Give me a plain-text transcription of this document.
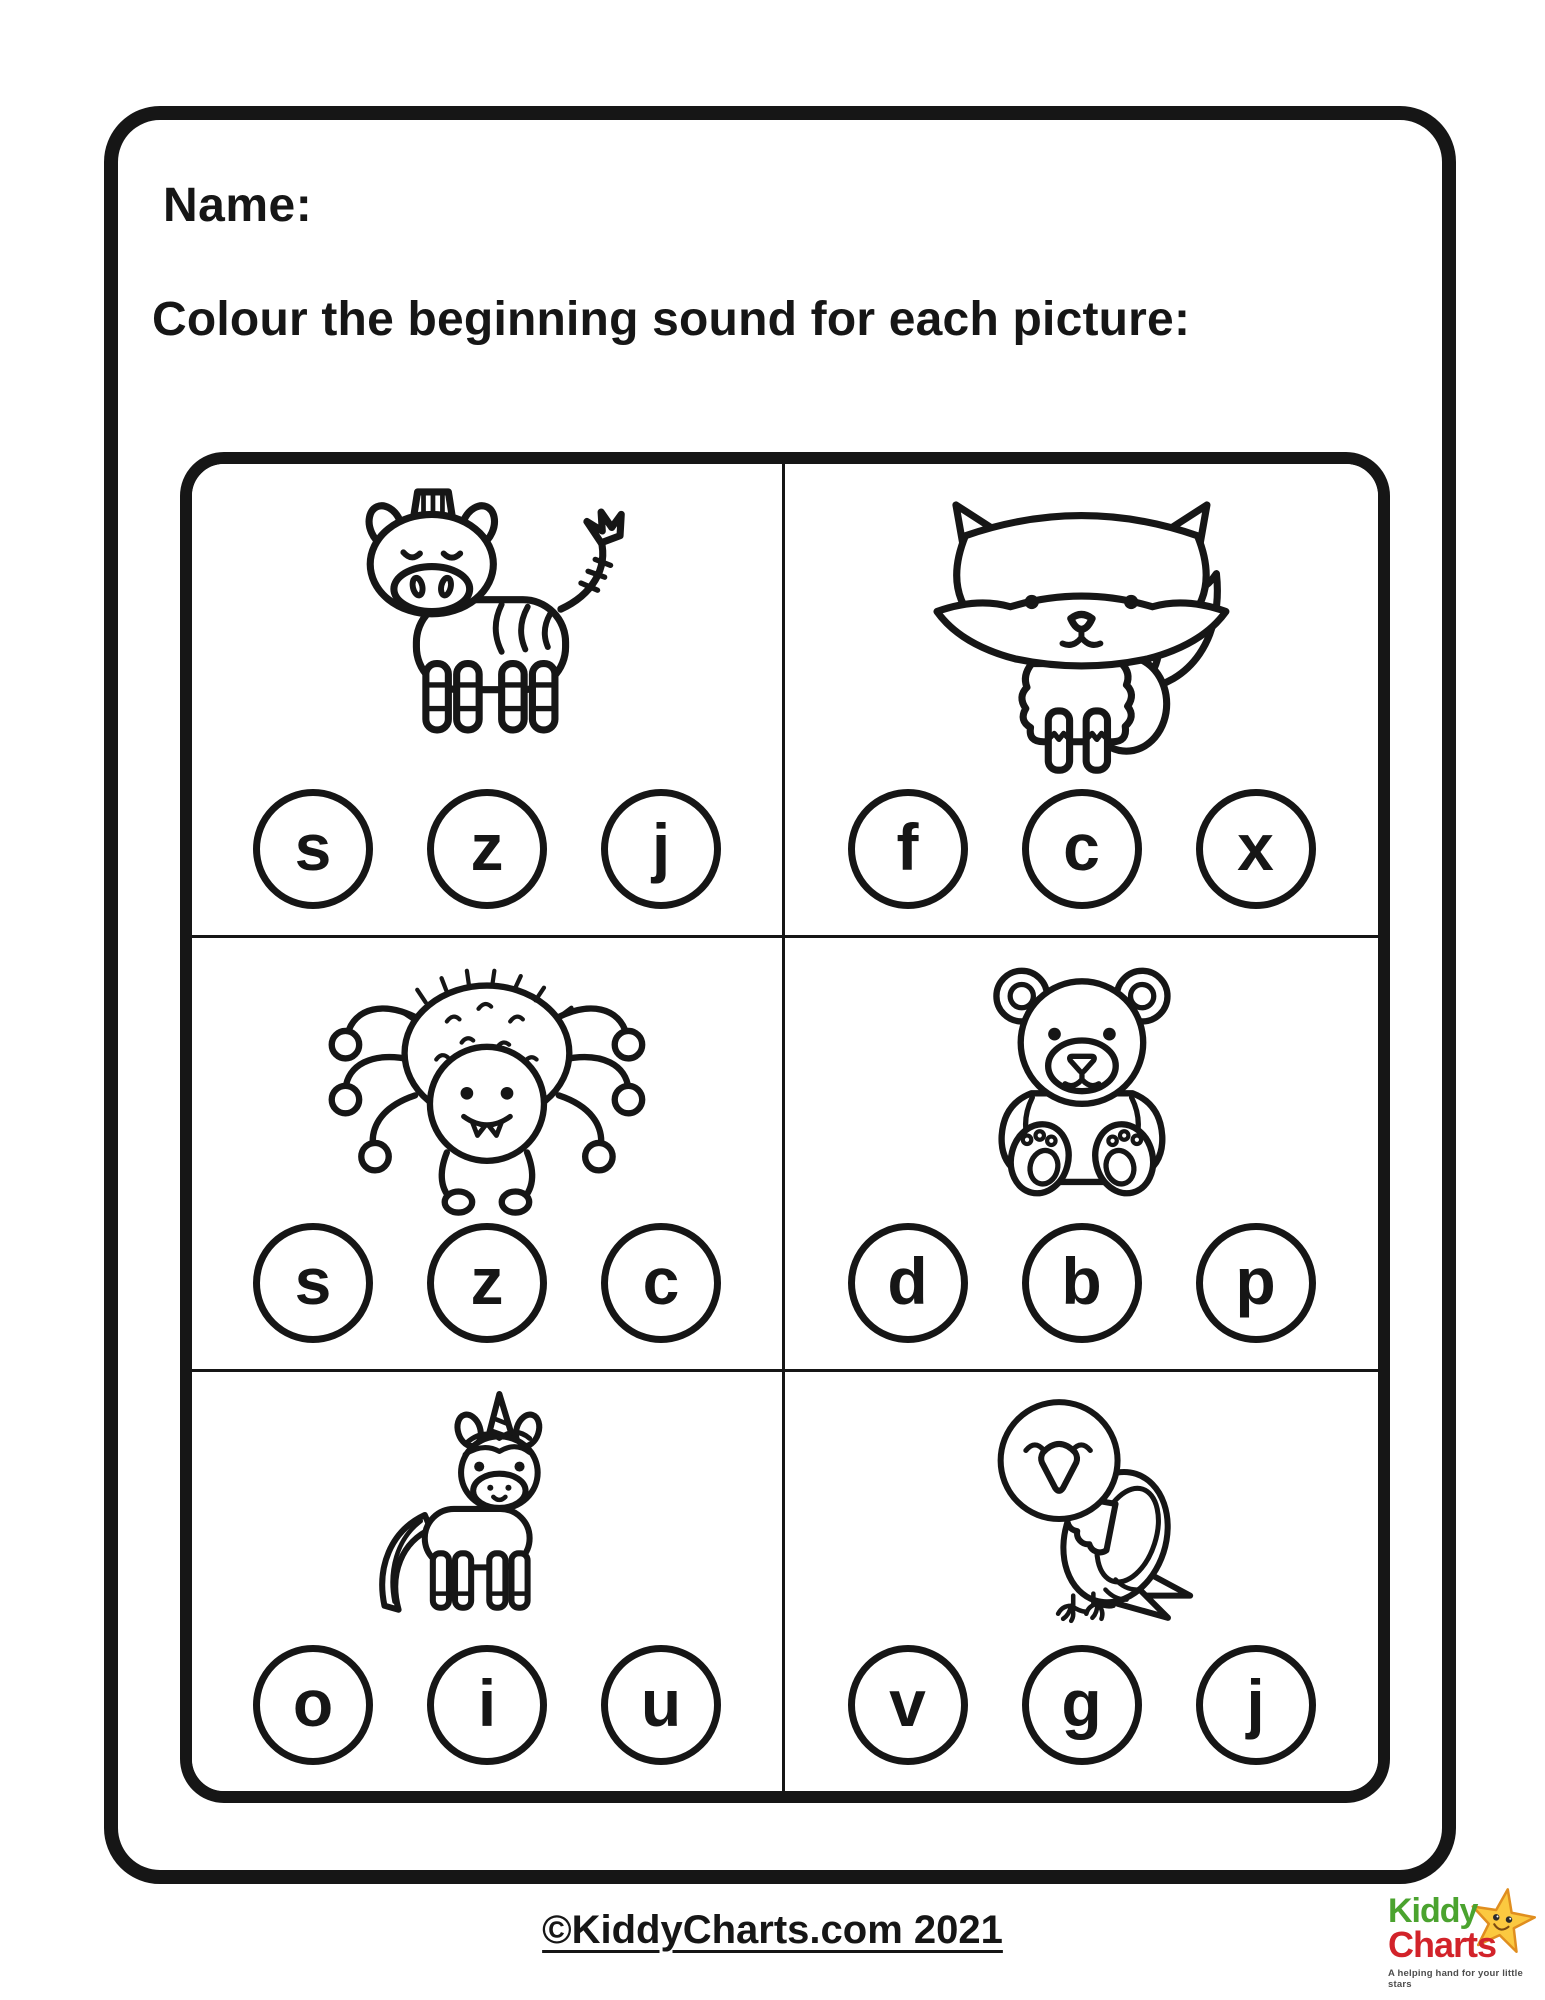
Name:
Colour the beginning sound for each picture:
s z j	f c x
s z c	d b p
o i u	v g j
©KiddyCharts.com 2021	Kiddy
Charts
A helping hand for your little stars
